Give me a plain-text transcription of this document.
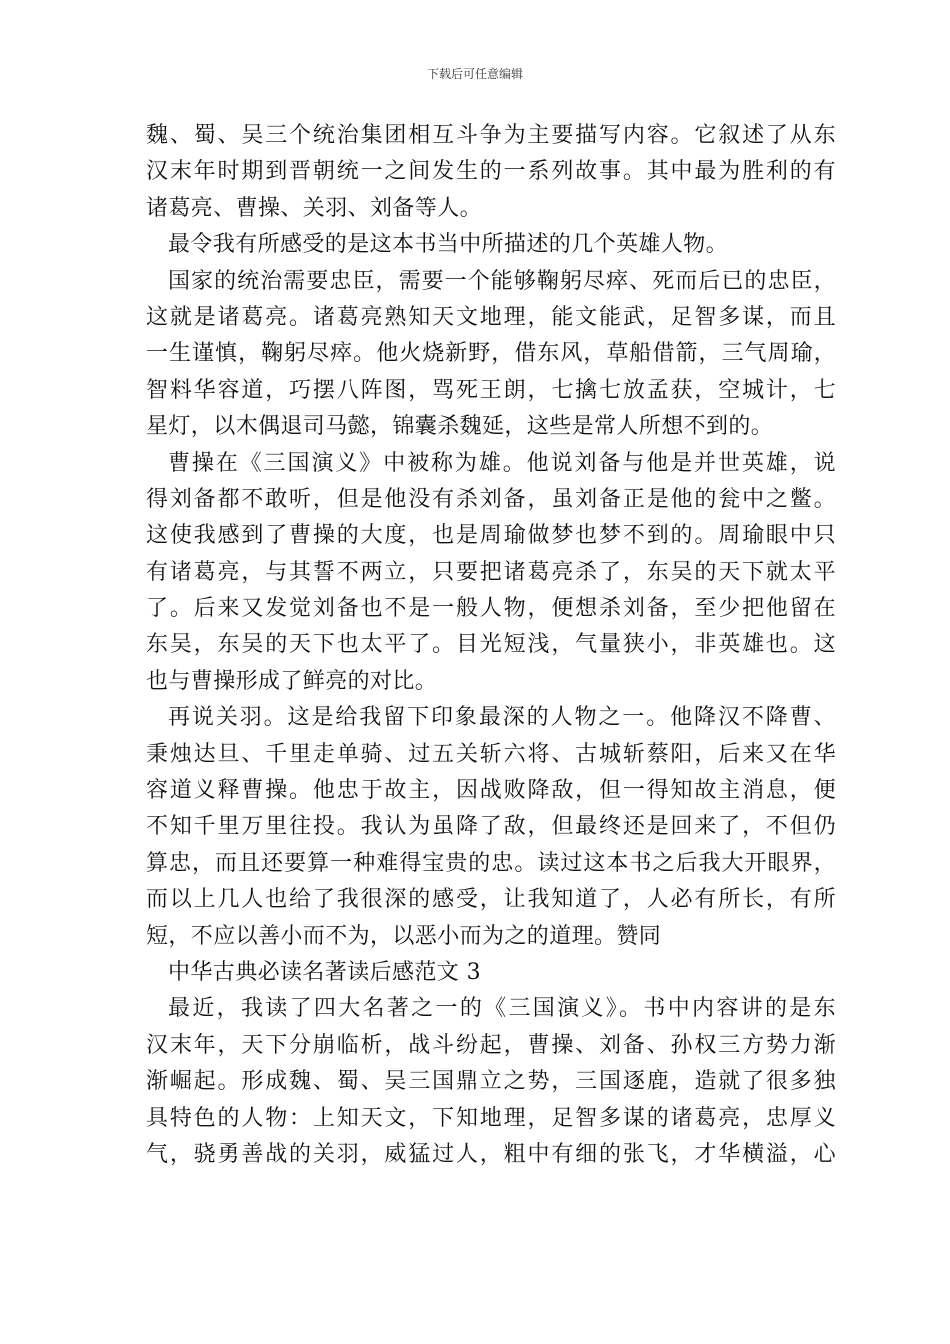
下载后可任意编辑
魏、蜀、吴三个统治集团相互斗争为主要描写内容。它叙述了从东
汉末年时期到晋朝统一之间发生的一系列故事。其中最为胜利的有
诸葛亮、曹操、关羽、刘备等人。
最令我有所感受的是这本书当中所描述的几个英雄人物。
国家的统治需要忠臣，需要一个能够鞠躬尽瘁、死而后已的忠臣，
这就是诸葛亮。诸葛亮熟知天文地理，能文能武，足智多谋，而且
一生谨慎，鞠躬尽瘁。他火烧新野，借东风，草船借箭，三气周瑜，
智料华容道，巧摆八阵图，骂死王朗，七擒七放孟获，空城计，七
星灯，以木偶退司马懿，锦囊杀魏延，这些是常人所想不到的。
曹操在《三国演义》中被称为雄。他说刘备与他是并世英雄，说
得刘备都不敢听，但是他没有杀刘备，虽刘备正是他的瓮中之鳖。
这使我感到了曹操的大度，也是周瑜做梦也梦不到的。周瑜眼中只
有诸葛亮，与其誓不两立，只要把诸葛亮杀了，东吴的天下就太平
了。后来又发觉刘备也不是一般人物，便想杀刘备，至少把他留在
东吴，东吴的天下也太平了。目光短浅，气量狭小，非英雄也。这
也与曹操形成了鲜亮的对比。
再说关羽。这是给我留下印象最深的人物之一。他降汉不降曹、
秉烛达旦、千里走单骑、过五关斩六将、古城斩蔡阳，后来又在华
容道义释曹操。他忠于故主，因战败降敌，但一得知故主消息，便
不知千里万里往投。我认为虽降了敌，但最终还是回来了，不但仍
算忠，而且还要算一种难得宝贵的忠。读过这本书之后我大开眼界，
而以上几人也给了我很深的感受，让我知道了，人必有所长，有所
短，不应以善小而不为，以恶小而为之的道理。赞同
中华古典必读名著读后感范文 3
最近，我读了四大名著之一的《三国演义》。书中内容讲的是东
汉末年，天下分崩临析，战斗纷起，曹操、刘备、孙权三方势力渐
渐崛起。形成魏、蜀、吴三国鼎立之势，三国逐鹿，造就了很多独
具特色的人物：上知天文，下知地理，足智多谋的诸葛亮，忠厚义
气，骁勇善战的关羽，威猛过人，粗中有细的张飞，才华横溢，心
